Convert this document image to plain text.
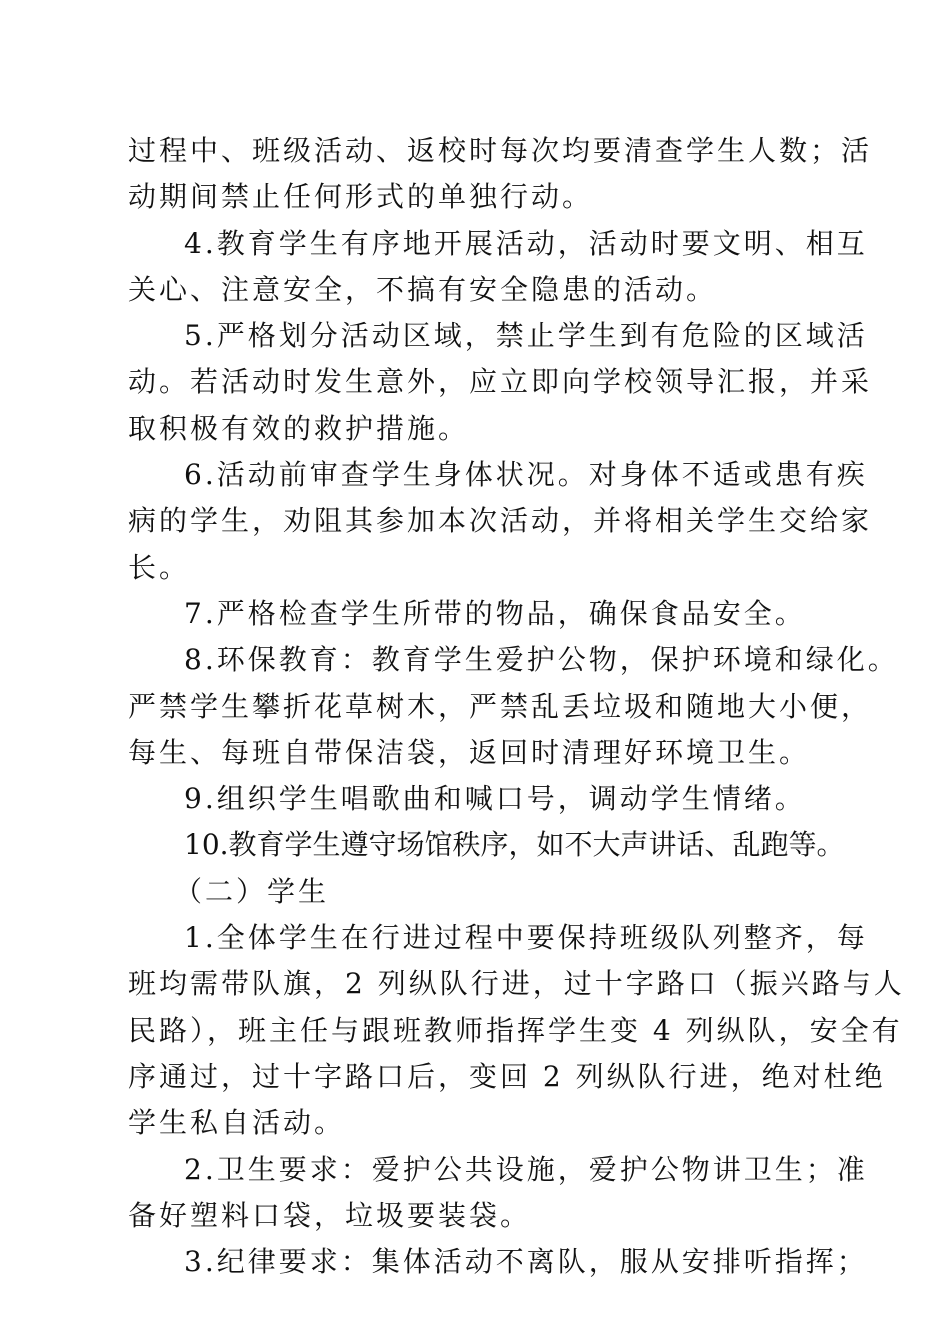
过程中、班级活动、返校时每次均要清查学生人数；活
动期间禁止任何形式的单独行动。
4.教育学生有序地开展活动，活动时要文明、相互
关心、注意安全，不搞有安全隐患的活动。
5.严格划分活动区域，禁止学生到有危险的区域活
动。若活动时发生意外，应立即向学校领导汇报，并采
取积极有效的救护措施。
6.活动前审查学生身体状况。对身体不适或患有疾
病的学生，劝阻其参加本次活动，并将相关学生交给家
长。
7.严格检查学生所带的物品，确保食品安全。
8.环保教育：教育学生爱护公物，保护环境和绿化。
严禁学生攀折花草树木，严禁乱丢垃圾和随地大小便，
每生、每班自带保洁袋，返回时清理好环境卫生。
9.组织学生唱歌曲和喊口号，调动学生情绪。
10.教育学生遵守场馆秩序，如不大声讲话、乱跑等。
（二）学生
1.全体学生在行进过程中要保持班级队列整齐，每
班均需带队旗，2 列纵队行进，过十字路口（振兴路与人
民路），班主任与跟班教师指挥学生变 4 列纵队，安全有
序通过，过十字路口后，变回 2 列纵队行进，绝对杜绝
学生私自活动。
2.卫生要求：爱护公共设施，爱护公物讲卫生；准
备好塑料口袋，垃圾要装袋。
3.纪律要求：集体活动不离队，服从安排听指挥；
